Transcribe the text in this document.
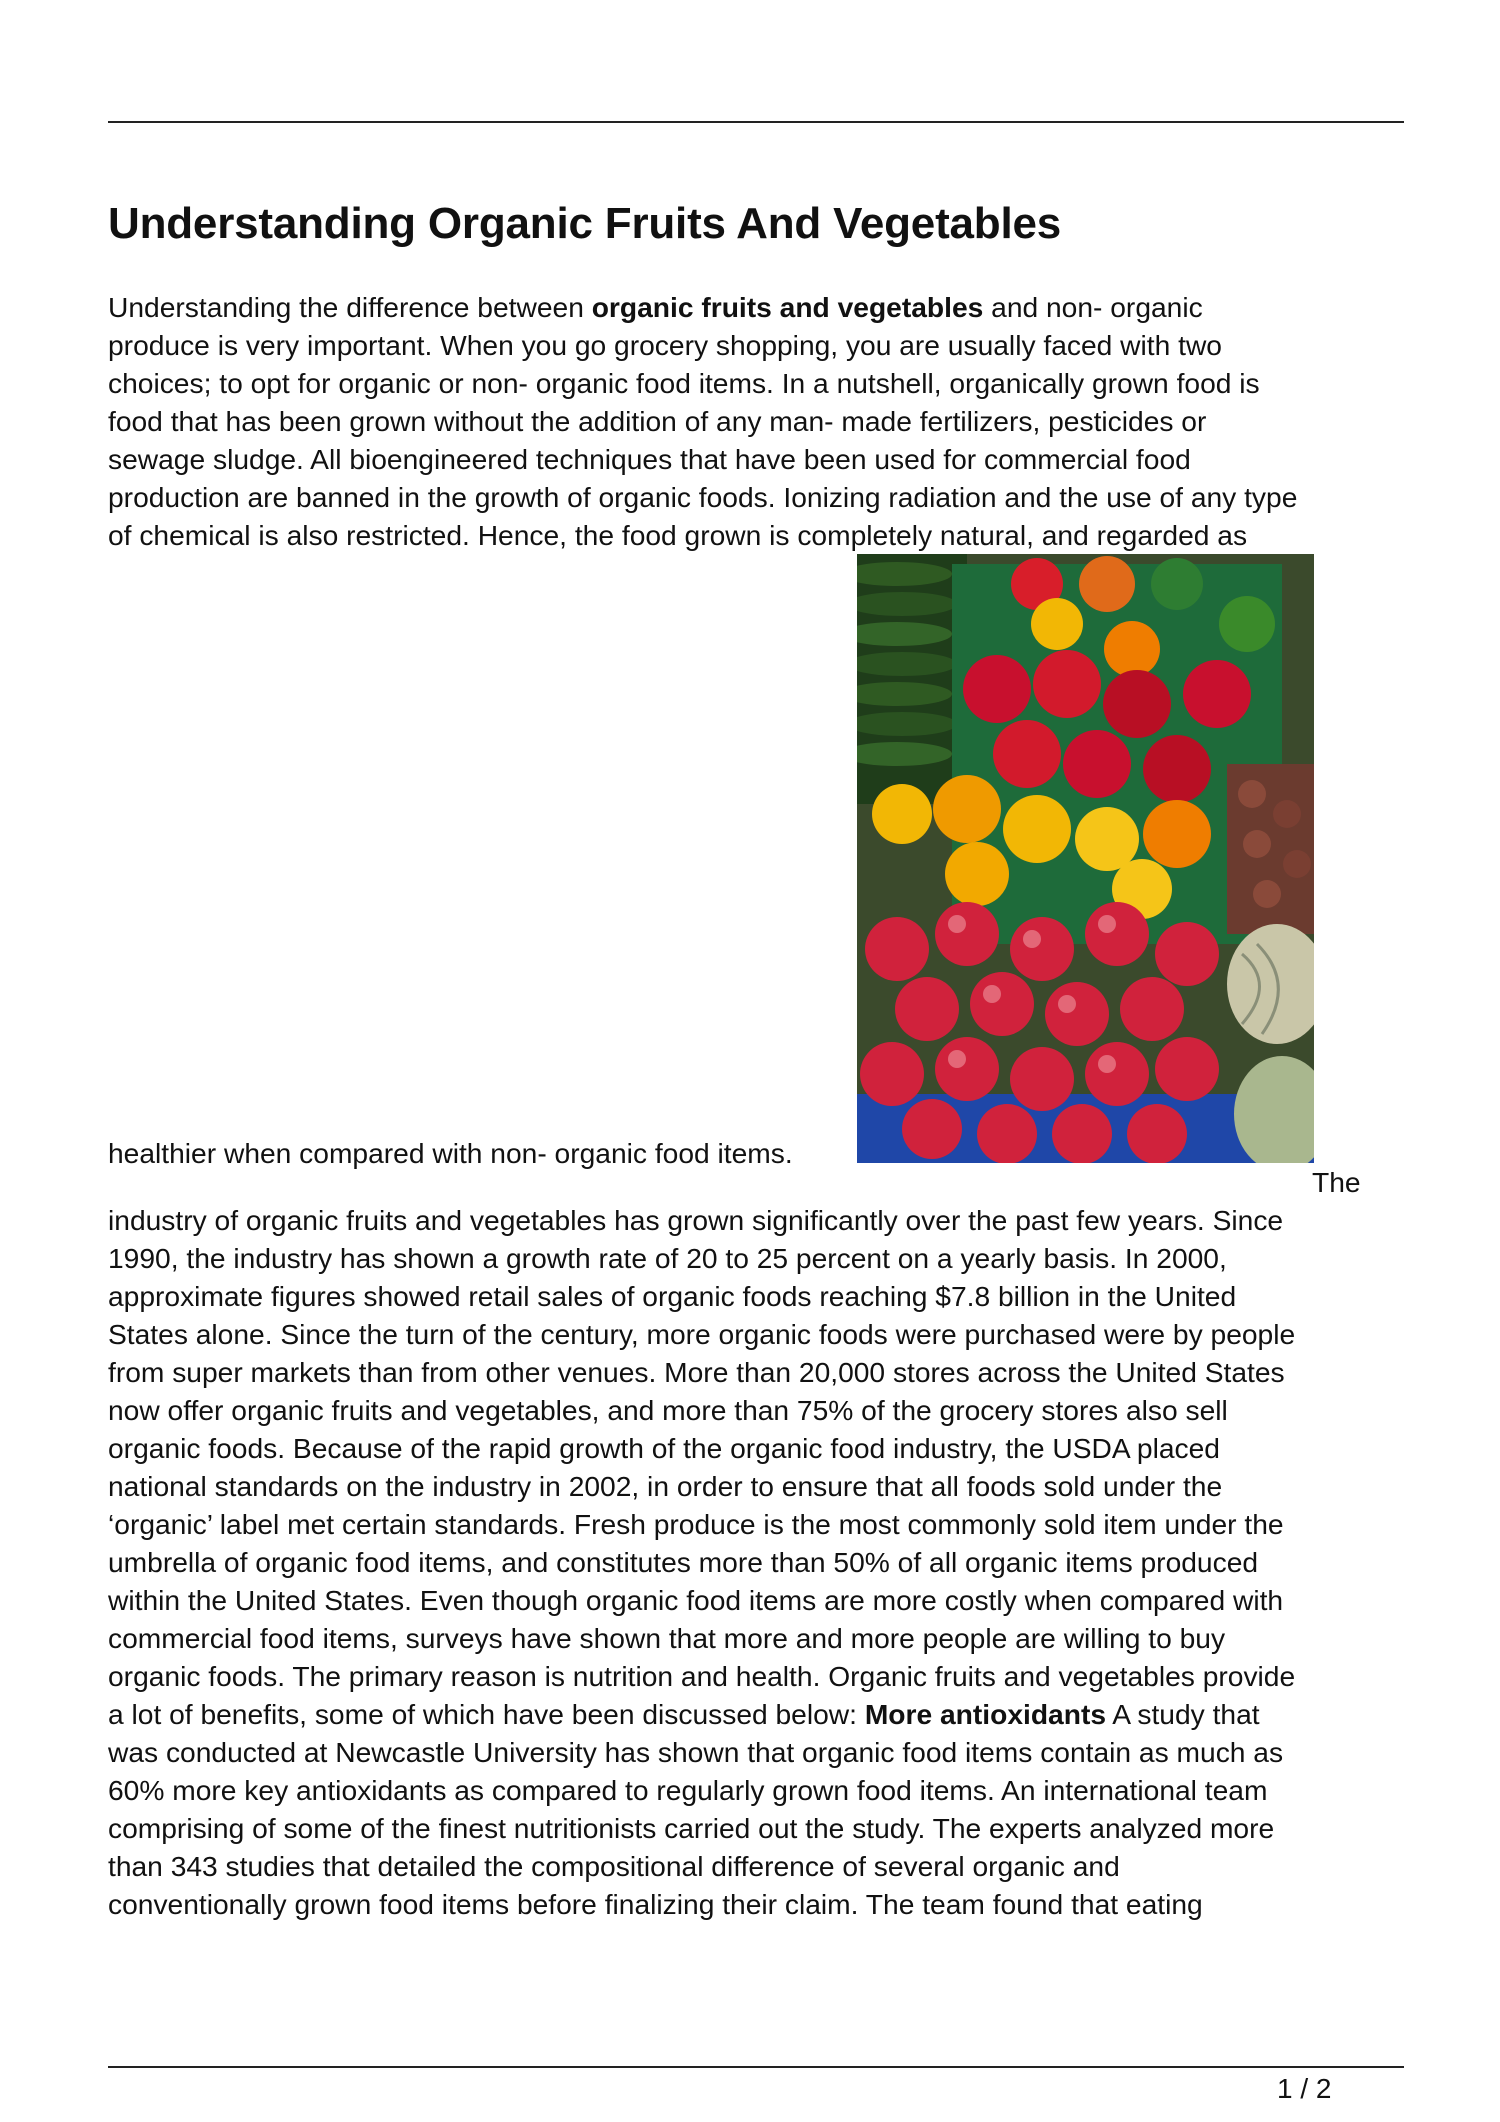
Understanding Organic Fruits And Vegetables
Understanding the difference between organic fruits and vegetables and non- organic
produce is very important. When you go grocery shopping, you are usually faced with two
choices; to opt for organic or non- organic food items. In a nutshell, organically grown food is
food that has been grown without the addition of any man- made fertilizers, pesticides or
sewage sludge. All bioengineered techniques that have been used for commercial food
production are banned in the growth of organic foods. Ionizing radiation and the use of any type
of chemical is also restricted. Hence, the food grown is completely natural, and regarded as
healthier when compared with non- organic food items.
The
industry of organic fruits and vegetables has grown significantly over the past few years. Since
1990, the industry has shown a growth rate of 20 to 25 percent on a yearly basis. In 2000,
approximate figures showed retail sales of organic foods reaching $7.8 billion in the United
States alone. Since the turn of the century, more organic foods were purchased were by people
from super markets than from other venues. More than 20,000 stores across the United States
now offer organic fruits and vegetables, and more than 75% of the grocery stores also sell
organic foods. Because of the rapid growth of the organic food industry, the USDA placed
national standards on the industry in 2002, in order to ensure that all foods sold under the
‘organic’ label met certain standards. Fresh produce is the most commonly sold item under the
umbrella of organic food items, and constitutes more than 50% of all organic items produced
within the United States. Even though organic food items are more costly when compared with
commercial food items, surveys have shown that more and more people are willing to buy
organic foods. The primary reason is nutrition and health. Organic fruits and vegetables provide
a lot of benefits, some of which have been discussed below: More antioxidants A study that
was conducted at Newcastle University has shown that organic food items contain as much as
60% more key antioxidants as compared to regularly grown food items. An international team
comprising of some of the finest nutritionists carried out the study. The experts analyzed more
than 343 studies that detailed the compositional difference of several organic and
conventionally grown food items before finalizing their claim. The team found that eating
1 / 2
